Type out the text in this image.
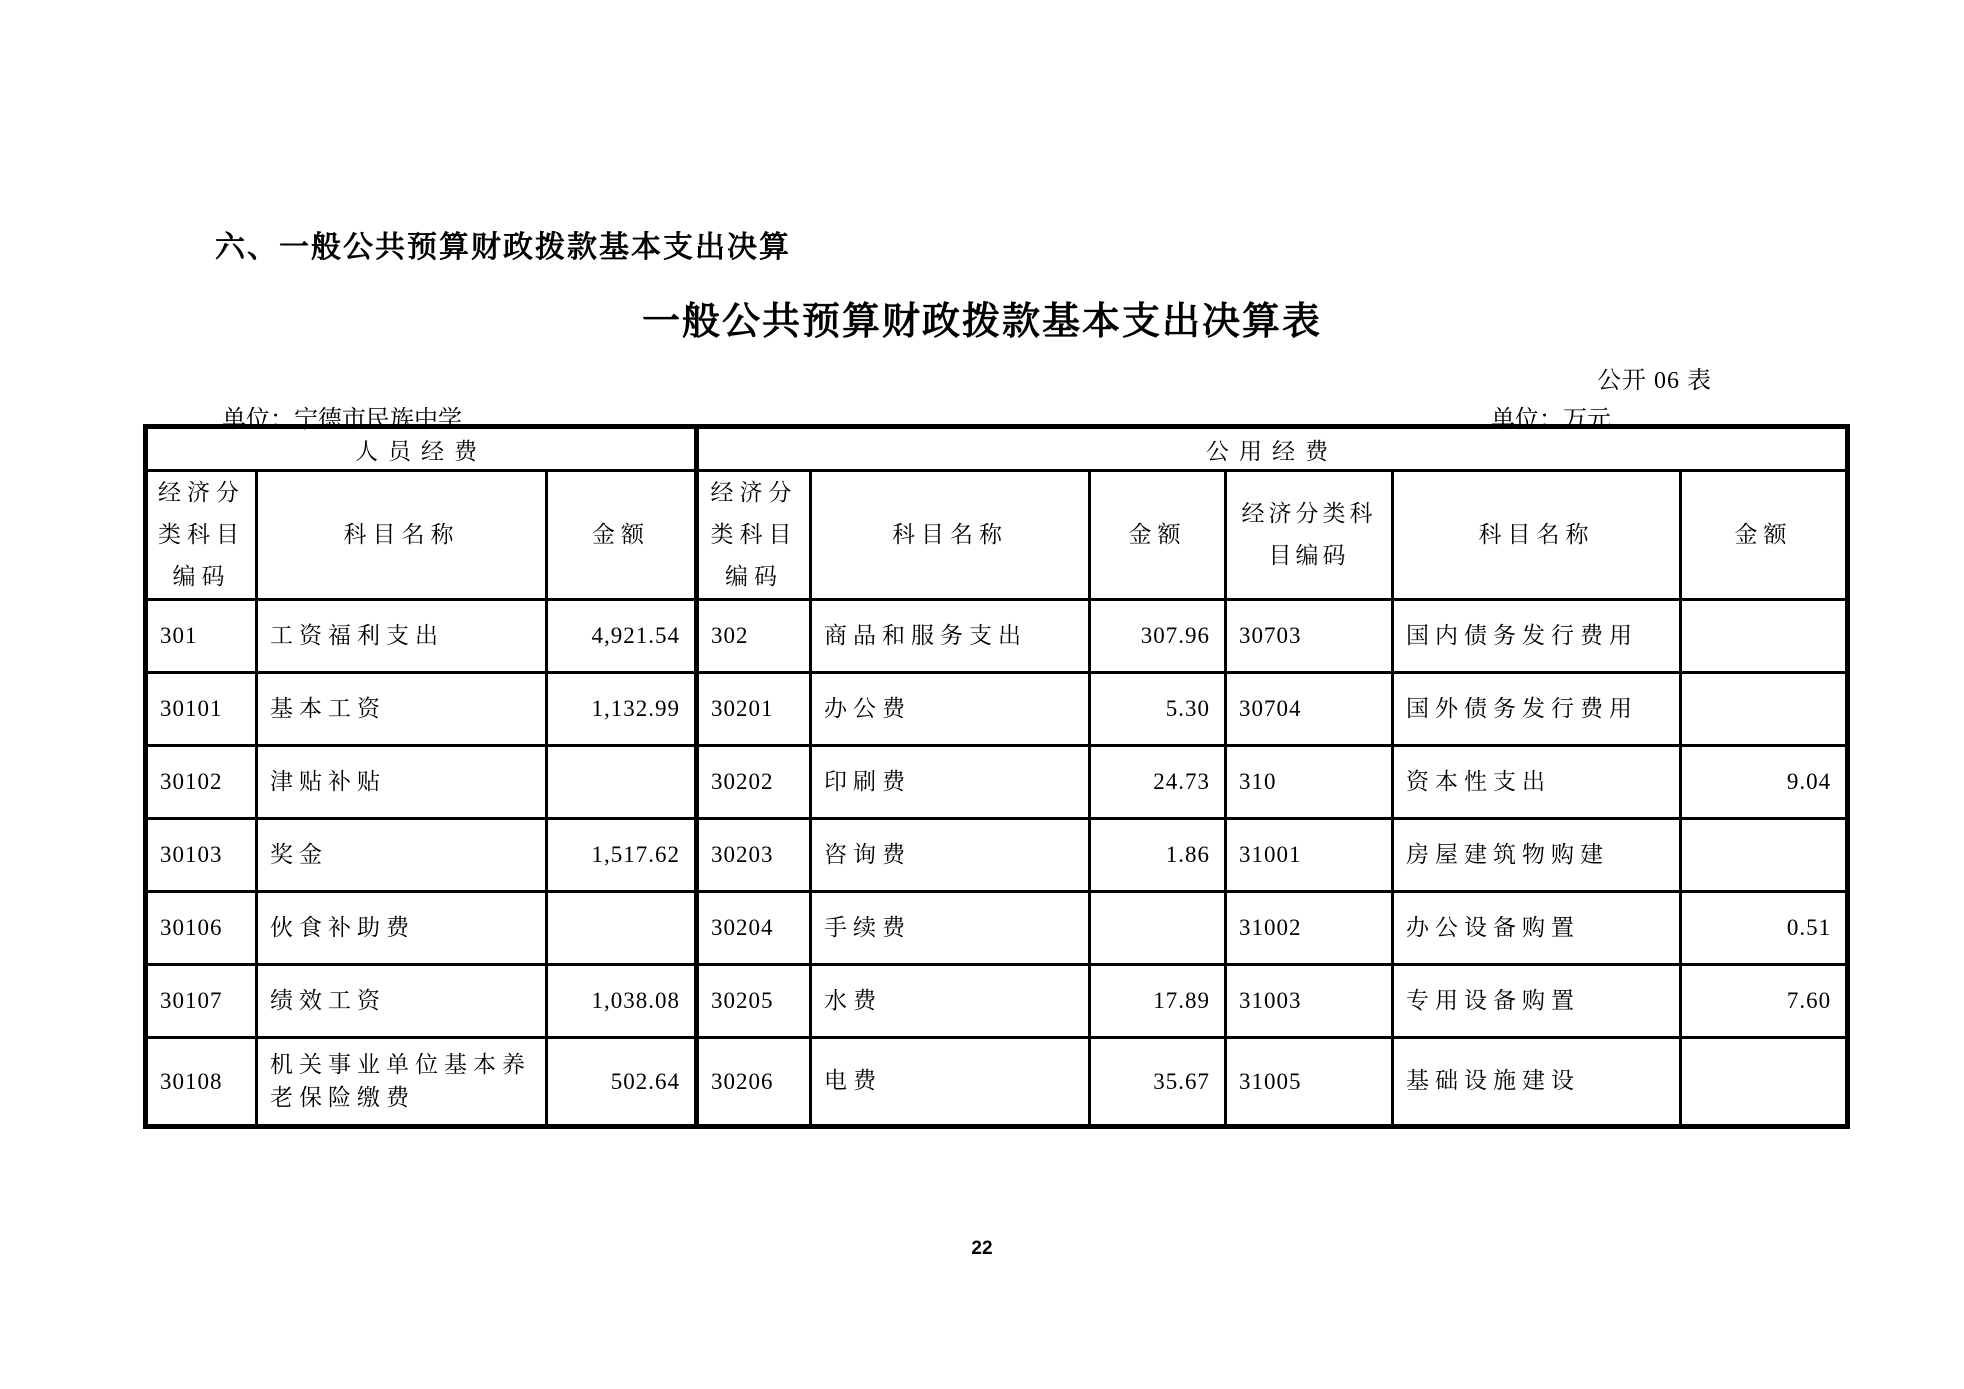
六、一般公共预算财政拨款基本支出决算
一般公共预算财政拨款基本支出决算表
公开 06 表
单位：宁德市民族中学	单位：万元
人员经费			公用经费					
经济分类科目编码	科目名称	金额	经济分类科目编码	科目名称	金额	经济分类科目编码	科目名称	金额
301	工资福利支出	4,921.54	302	商品和服务支出	307.96	30703	国内债务发行费用	
30101	基本工资	1,132.99	30201	办公费	5.30	30704	国外债务发行费用	
30102	津贴补贴		30202	印刷费	24.73	310	资本性支出	9.04
30103	奖金	1,517.62	30203	咨询费	1.86	31001	房屋建筑物购建	
30106	伙食补助费		30204	手续费		31002	办公设备购置	0.51
30107	绩效工资	1,038.08	30205	水费	17.89	31003	专用设备购置	7.60
30108	机关事业单位基本养老保险缴费	502.64	30206	电费	35.67	31005	基础设施建设	
22
